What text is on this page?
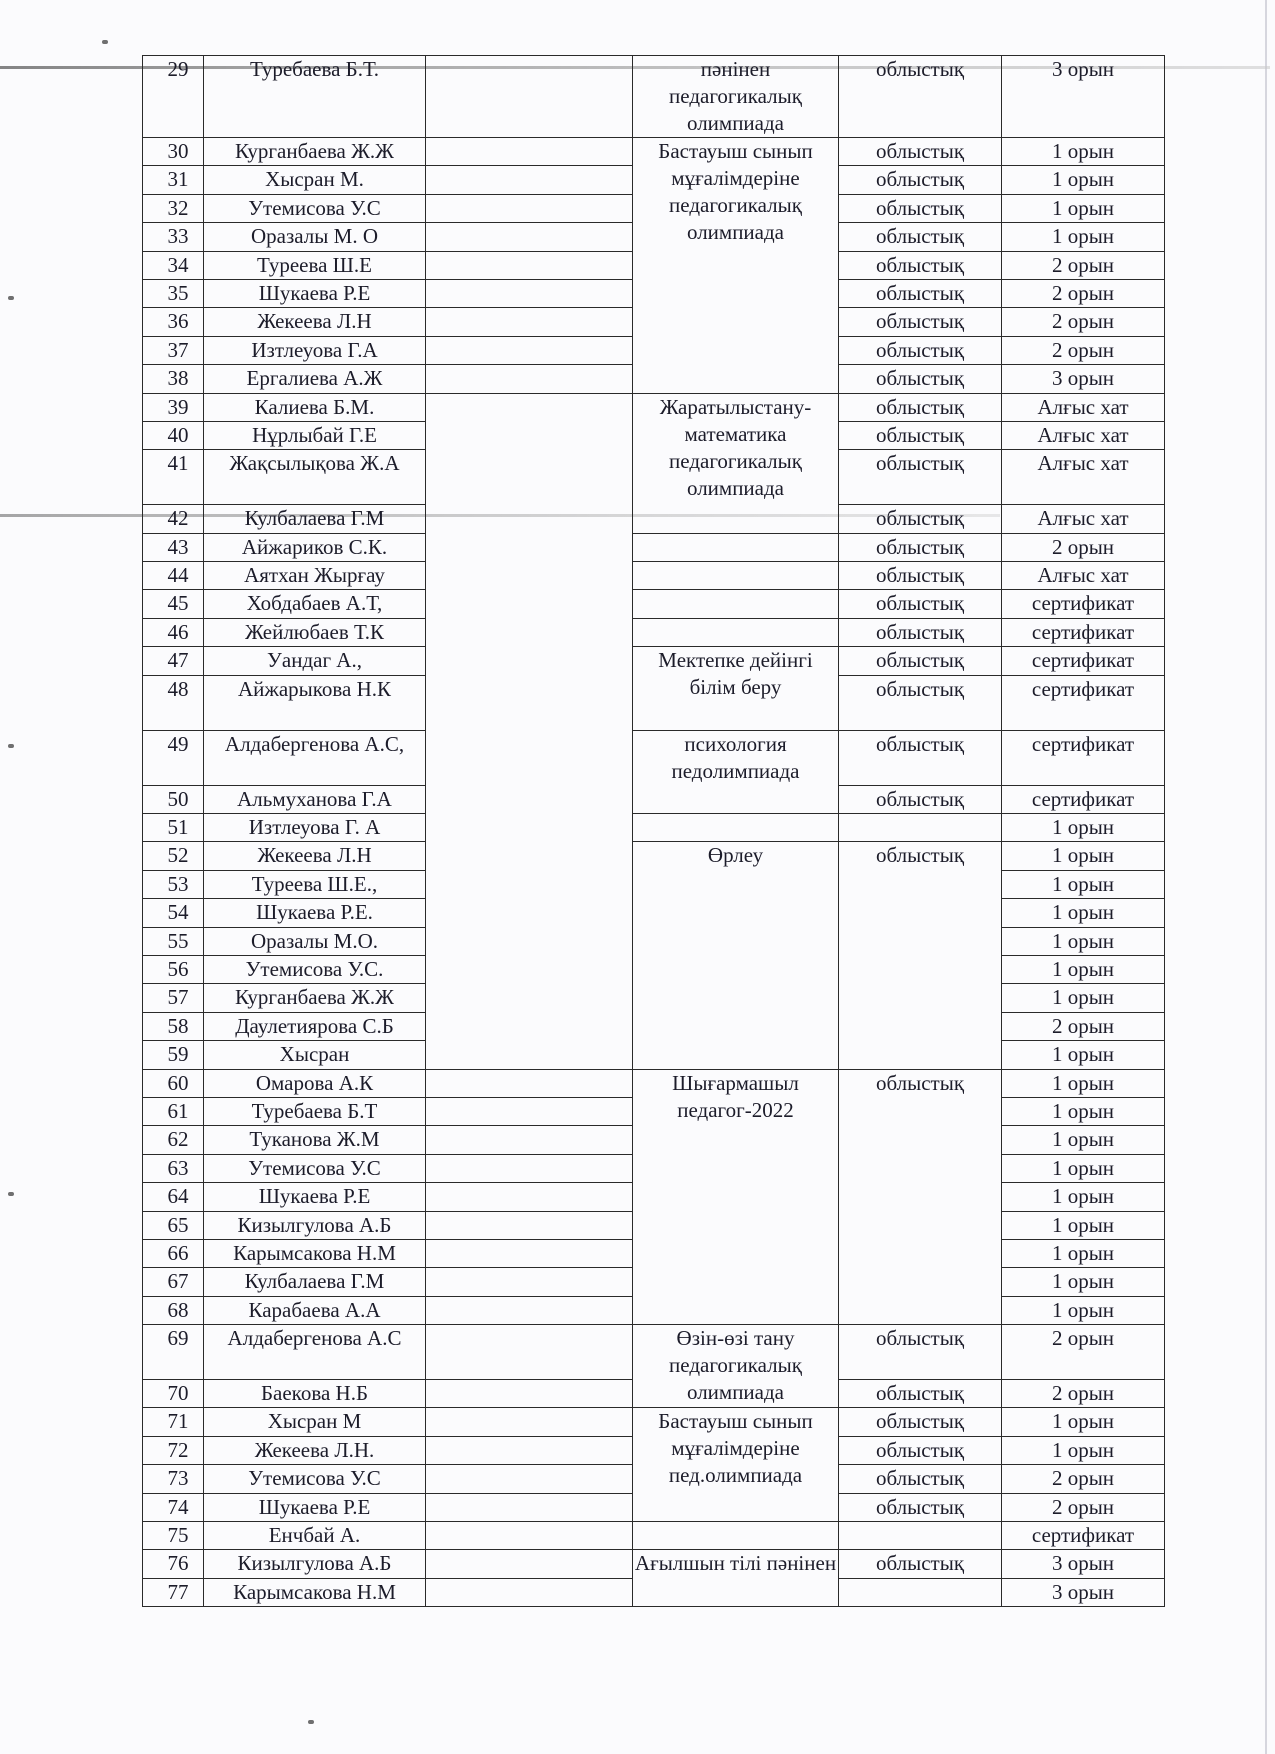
29	Туребаева Б.Т.		пәнінен педагогикалық олимпиада	облыстық	3 орын
30	Курганбаева Ж.Ж		Бастауыш сынып мұғалімдеріне педагогикалық олимпиада	облыстық	1 орын
31	Хысран М.			облыстық	1 орын
32	Утемисова У.С			облыстық	1 орын
33	Оразалы М. О			облыстық	1 орын
34	Туреева Ш.Е			облыстық	2 орын
35	Шукаева Р.Е			облыстық	2 орын
36	Жекеева Л.Н			облыстық	2 орын
37	Изтлеуова Г.А			облыстық	2 орын
38	Ергалиева А.Ж			облыстық	3 орын
39	Калиева Б.М.		Жаратылыстану-математика педагогикалық олимпиада	облыстық	Алғыс хат
40	Нұрлыбай Г.Е			облыстық	Алғыс хат
41	Жақсылықова Ж.А			облыстық	Алғыс хат
42	Кулбалаева Г.М			облыстық	Алғыс хат
43	Айжариков С.К.			облыстық	2 орын
44	Аятхан Жырғау			облыстық	Алғыс хат
45	Хобдабаев А.Т,			облыстық	сертификат
46	Жейлюбаев Т.К			облыстық	сертификат
47	Уандаг А.,		Мектепке дейінгі білім беру	облыстық	сертификат
48	Айжарыкова Н.К			облыстық	сертификат
49	Алдабергенова А.С,		психология педолимпиада	облыстық	сертификат
50	Альмуханова Г.А			облыстық	сертификат
51	Изтлеуова Г. А				1 орын
52	Жекеева Л.Н		Өрлеу	облыстық	1 орын
53	Туреева Ш.Е.,				1 орын
54	Шукаева Р.Е.				1 орын
55	Оразалы М.О.				1 орын
56	Утемисова У.С.				1 орын
57	Курганбаева Ж.Ж				1 орын
58	Даулетиярова С.Б				2 орын
59	Хысран				1 орын
60	Омарова А.К		Шығармашыл педагог-2022	облыстық	1 орын
61	Туребаева Б.Т				1 орын
62	Туканова Ж.М				1 орын
63	Утемисова У.С				1 орын
64	Шукаева Р.Е				1 орын
65	Кизылгулова А.Б				1 орын
66	Карымсакова Н.М				1 орын
67	Кулбалаева Г.М				1 орын
68	Карабаева А.А				1 орын
69	Алдабергенова А.С		Өзін-өзі тану педагогикалық олимпиада	облыстық	2 орын
70	Баекова Н.Б			облыстық	2 орын
71	Хысран М		Бастауыш сынып мұғалімдеріне пед.олимпиада	облыстық	1 орын
72	Жекеева Л.Н.			облыстық	1 орын
73	Утемисова У.С			облыстық	2 орын
74	Шукаева Р.Е			облыстық	2 орын
75	Енчбай А.				сертификат
76	Кизылгулова А.Б		Ағылшын тілі пәнінен	облыстық	3 орын
77	Карымсакова Н.М				3 орын
